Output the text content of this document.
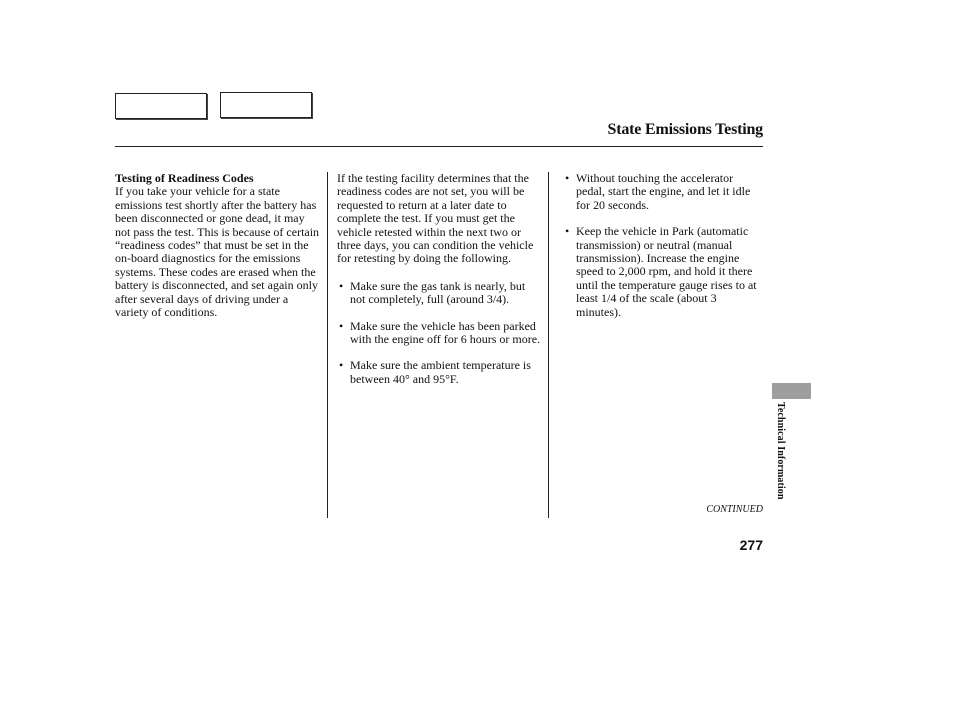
State Emissions Testing

Testing of Readiness Codes

If you take your vehicle for a state emissions test shortly after the battery has been disconnected or gone dead, it may not pass the test. This is because of certain “readiness codes” that must be set in the on-board diagnostics for the emissions systems. These codes are erased when the battery is disconnected, and set again only after several days of driving under a variety of conditions.

If the testing facility determines that the readiness codes are not set, you will be requested to return at a later date to complete the test. If you must get the vehicle retested within the next two or three days, you can condition the vehicle for retesting by doing the following.

• Make sure the gas tank is nearly, but not completely, full (around 3/4).

• Make sure the vehicle has been parked with the engine off for 6 hours or more.

• Make sure the ambient temperature is between 40° and 95°F.

• Without touching the accelerator pedal, start the engine, and let it idle for 20 seconds.

• Keep the vehicle in Park (automatic transmission) or neutral (manual transmission). Increase the engine speed to 2,000 rpm, and hold it there until the temperature gauge rises to at least 1/4 of the scale (about 3 minutes).

Technical Information
CONTINUED
277
